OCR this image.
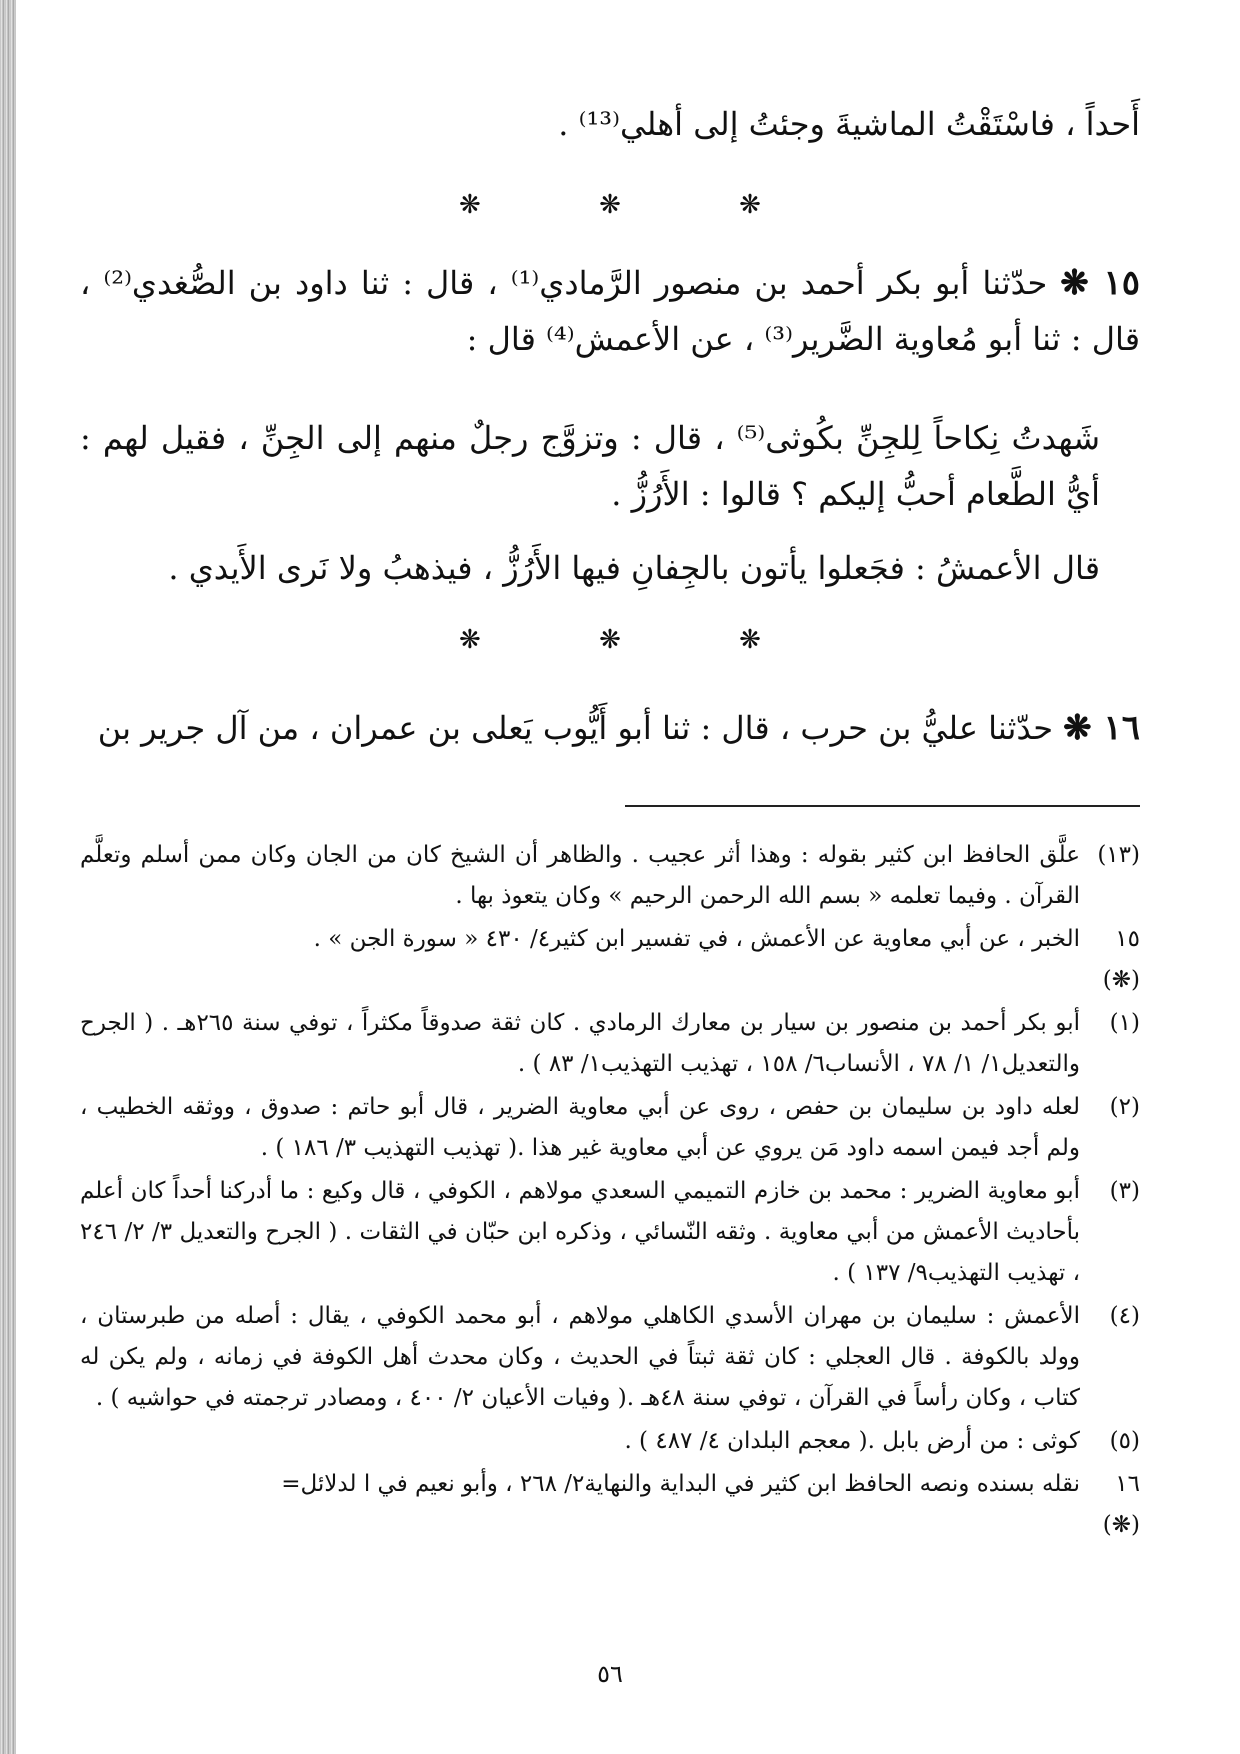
أَحداً ، فاسْتَقْتُ الماشيةَ وجئتُ إلى أهلي⁽¹³⁾ .
❋	❋	❋
١٥ ❋ حدّثنا أبو بكر أحمد بن منصور الرَّمادي⁽¹⁾ ، قال : ثنا داود بن الصُّغدي⁽²⁾ ، قال : ثنا أبو مُعاوية الضَّرير⁽³⁾ ، عن الأعمش⁽⁴⁾ قال :
شَهدتُ نِكاحاً لِلجِنِّ بكُوثى⁽⁵⁾ ، قال : وتزوَّج رجلٌ منهم إلى الجِنِّ ، فقيل لهم : أيُّ الطَّعام أحبُّ إليكم ؟ قالوا : الأَرُزُّ .
قال الأعمشُ : فجَعلوا يأتون بالجِفانِ فيها الأَرُزُّ ، فيذهبُ ولا نَرى الأَيدي .
❋	❋	❋
١٦ ❋ حدّثنا عليُّ بن حرب ، قال : ثنا أبو أَيُّوب يَعلى بن عمران ، من آل جرير بن
(١٣)
علَّق الحافظ ابن كثير بقوله : وهذا أثر عجيب . والظاهر أن الشيخ كان من الجان وكان ممن أسلم وتعلَّم القرآن . وفيما تعلمه « بسم الله الرحمن الرحيم » وكان يتعوذ بها .
١٥ (❋)
الخبر ، عن أبي معاوية عن الأعمش ، في تفسير ابن كثير٤/ ٤٣٠ « سورة الجن » .
(١)
أبو بكر أحمد بن منصور بن سيار بن معارك الرمادي . كان ثقة صدوقاً مكثراً ، توفي سنة ٢٦٥هـ . ( الجرح والتعديل١/ ١/ ٧٨ ، الأنساب٦/ ١٥٨ ، تهذيب التهذيب١/ ٨٣ ) .
(٢)
لعله داود بن سليمان بن حفص ، روى عن أبي معاوية الضرير ، قال أبو حاتم : صدوق ، ووثقه الخطيب ، ولم أجد فيمن اسمه داود مَن يروي عن أبي معاوية غير هذا .( تهذيب التهذيب ٣/ ١٨٦ ) .
(٣)
أبو معاوية الضرير : محمد بن خازم التميمي السعدي مولاهم ، الكوفي ، قال وكيع : ما أدركنا أحداً كان أعلم بأحاديث الأعمش من أبي معاوية . وثقه النّسائي ، وذكره ابن حبّان في الثقات . ( الجرح والتعديل ٣/ ٢/ ٢٤٦ ، تهذيب التهذيب٩/ ١٣٧ ) .
(٤)
الأعمش : سليمان بن مهران الأسدي الكاهلي مولاهم ، أبو محمد الكوفي ، يقال : أصله من طبرستان ، وولد بالكوفة . قال العجلي : كان ثقة ثبتاً في الحديث ، وكان محدث أهل الكوفة في زمانه ، ولم يكن له كتاب ، وكان رأساً في القرآن ، توفي سنة ٤٨هـ .( وفيات الأعيان ٢/ ٤٠٠ ، ومصادر ترجمته في حواشيه ) .
(٥)
كوثى : من أرض بابل .( معجم البلدان ٤/ ٤٨٧ ) .
١٦ (❋)
نقله بسنده ونصه الحافظ ابن كثير في البداية والنهاية٢/ ٢٦٨ ، وأبو نعيم في ا لدلائل=
٥٦
